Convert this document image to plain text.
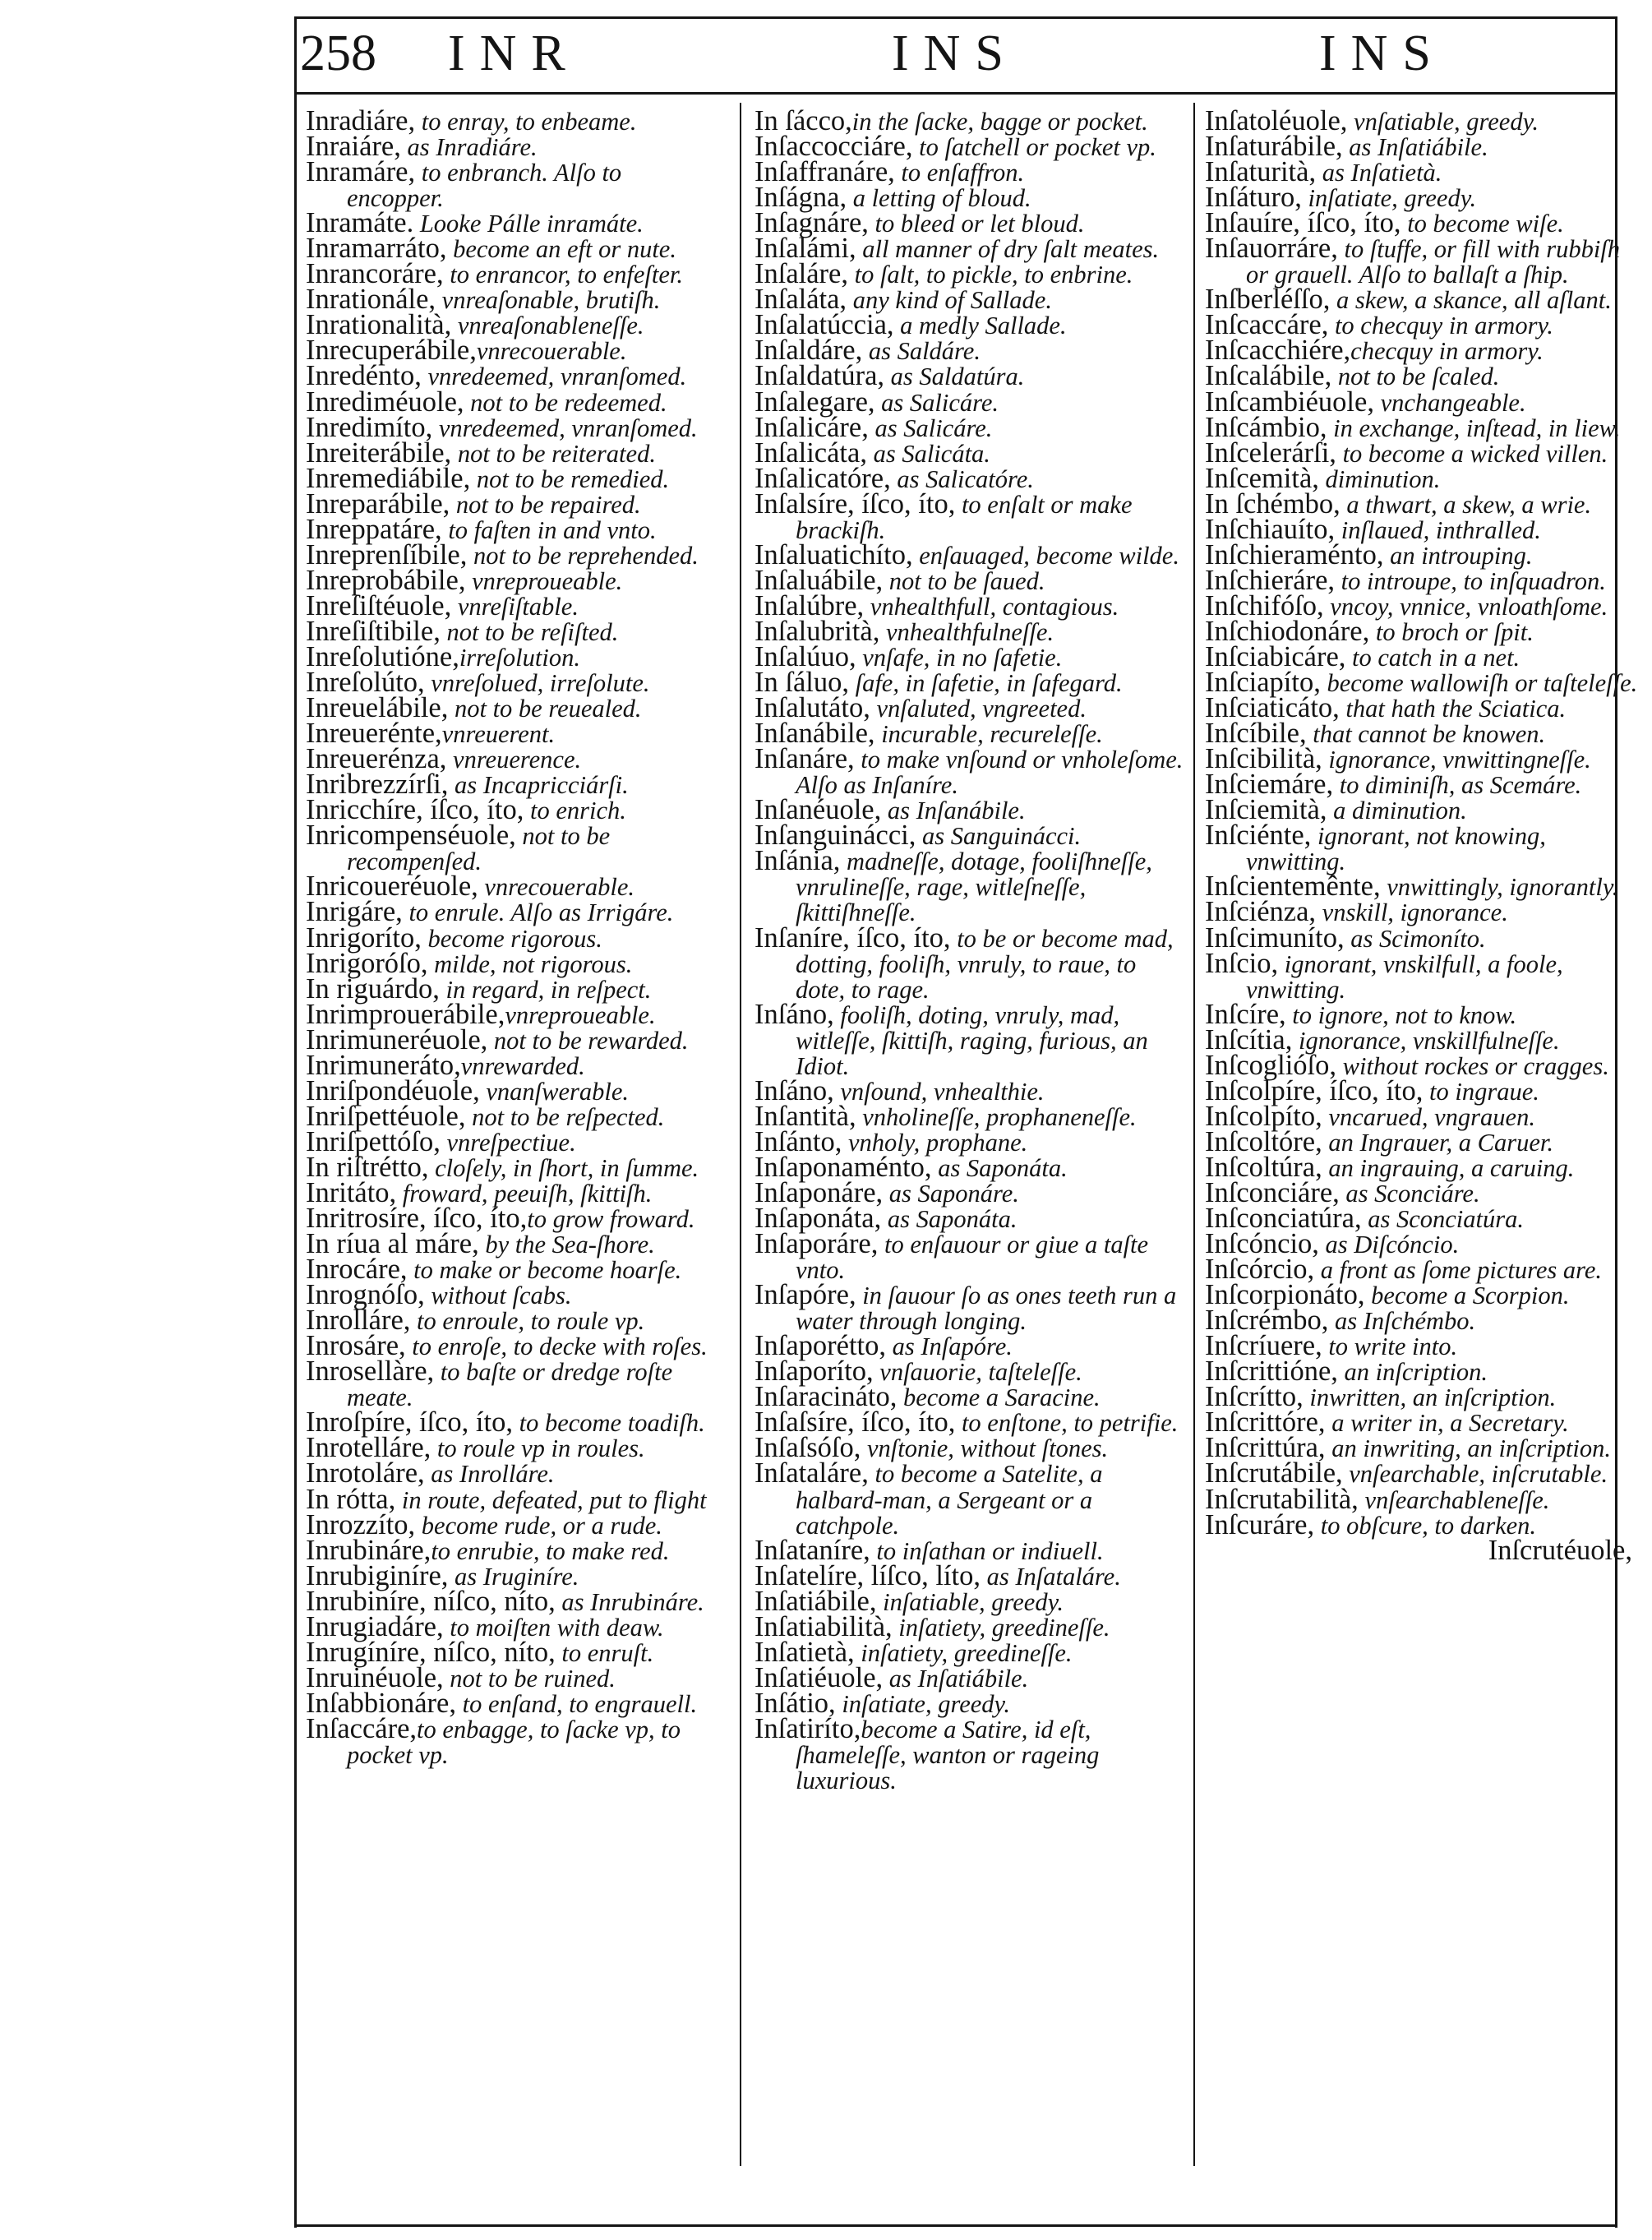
258 INR	INS	INS
Inradiáre, to enray, to enbeame.
Inraiáre, as Inradiáre.
Inramáre, to enbranch. Alſo to encopper.
Inramáte. Looke Pálle inramáte.
Inramarráto, become an eft or nute.
Inrancoráre, to enrancor, to enfeſter.
Inrationále, vnreaſonable, brutiſh.
Inrationalità, vnreaſonableneſſe.
Inrecuperábile,vnrecouerable.
Inredénto, vnredeemed, vnranſomed.
Inrediméuole, not to be redeemed.
Inredimíto, vnredeemed, vnranſomed.
Inreiterábile, not to be reiterated.
Inremediábile, not to be remedied.
Inreparábile, not to be repaired.
Inreppatáre, to faſten in and vnto.
Inreprenſíbile, not to be reprehended.
Inreprobábile, vnreproueable.
Inreſiſtéuole, vnreſiſtable.
Inreſiſtibile, not to be reſiſted.
Inreſolutióne,irreſolution.
Inreſolúto, vnreſolued, irreſolute.
Inreuelábile, not to be reuealed.
Inreuerénte,vnreuerent.
Inreuerénza, vnreuerence.
Inribrezzírſi, as Incapricciárſi.
Inricchíre, íſco, íto, to enrich.
Inricompenséuole, not to be recompenſed.
Inricoueréuole, vnrecouerable.
Inrigáre, to enrule. Alſo as Irrigáre.
Inrigoríto, become rigorous.
Inrigoróſo, milde, not rigorous.
In riguárdo, in regard, in reſpect.
Inrimprouerábile,vnreproueable.
Inrimuneréuole, not to be rewarded.
Inrimuneráto,vnrewarded.
Inriſpondéuole, vnanſwerable.
Inriſpettéuole, not to be reſpected.
Inriſpettóſo, vnreſpectiue.
In riſtrétto, cloſely, in ſhort, in ſumme.
Inritáto, froward, peeuiſh, ſkittiſh.
Inritrosíre, íſco, íto,to grow froward.
In ríua al máre, by the Sea-ſhore.
Inrocáre, to make or become hoarſe.
Inrognóſo, without ſcabs.
Inrolláre, to enroule, to roule vp.
Inrosáre, to enroſe, to decke with roſes.
Inrosellàre, to baſte or dredge roſte meate.
Inroſpíre, íſco, íto, to become toadiſh.
Inrotelláre, to roule vp in roules.
Inrotoláre, as Inrolláre.
In rótta, in route, defeated, put to flight
Inrozzíto, become rude, or a rude.
Inrubináre,to enrubie, to make red.
Inrubiginíre, as Iruginíre.
Inrubiníre, níſco, níto, as Inrubináre.
Inrugiadáre, to moiſten with deaw.
Inrugíníre, níſco, níto, to enruſt.
Inruinéuole, not to be ruined.
Inſabbionáre, to enſand, to engrauell.
Inſaccáre,to enbagge, to ſacke vp, to pocket vp.
In ſácco,in the ſacke, bagge or pocket.
Inſaccocciáre, to ſatchell or pocket vp.
Inſaffranáre, to enſaffron.
Inſágna, a letting of bloud.
Inſagnáre, to bleed or let bloud.
Inſalámi, all manner of dry ſalt meates.
Inſaláre, to ſalt, to pickle, to enbrine.
Inſaláta, any kind of Sallade.
Inſalatúccia, a medly Sallade.
Inſaldáre, as Saldáre.
Inſaldatúra, as Saldatúra.
Inſalegare, as Salicáre.
Inſalicáre, as Salicáre.
Inſalicáta, as Salicáta.
Inſalicatóre, as Salicatóre.
Inſalsíre, íſco, íto, to enſalt or make brackiſh.
Inſaluatichíto, enſauaged, become wilde.
Inſaluábile, not to be ſaued.
Inſalúbre, vnhealthfull, contagious.
Inſalubrità, vnhealthfulneſſe.
Inſalúuo, vnſafe, in no ſafetie.
In ſáluo, ſafe, in ſafetie, in ſafegard.
Inſalutáto, vnſaluted, vngreeted.
Inſanábile, incurable, recureleſſe.
Inſanáre, to make vnſound or vnholeſome. Alſo as Inſaníre.
Inſanéuole, as Inſanábile.
Inſanguinácci, as Sanguinácci.
Inſánia, madneſſe, dotage, fooliſhneſſe, vnrulineſſe, rage, witleſneſſe, ſkittiſhneſſe.
Inſaníre, íſco, íto, to be or become mad, dotting, fooliſh, vnruly, to raue, to dote, to rage.
Inſáno, fooliſh, doting, vnruly, mad, witleſſe, ſkittiſh, raging, furious, an Idiot.
Inſáno, vnſound, vnhealthie.
Inſantità, vnholineſſe, prophaneneſſe.
Inſánto, vnholy, prophane.
Inſaponaménto, as Saponáta.
Inſaponáre, as Saponáre.
Inſaponáta, as Saponáta.
Inſaporáre, to enſauour or giue a taſte vnto.
Inſapóre, in ſauour ſo as ones teeth run a water through longing.
Inſaporétto, as Inſapóre.
Inſaporíto, vnſauorie, taſteleſſe.
Inſaracináto, become a Saracine.
Inſaſsíre, íſco, íto, to enſtone, to petrifie.
Inſaſsóſo, vnſtonie, without ſtones.
Inſataláre, to become a Satelite, a halbard-man, a Sergeant or a catchpole.
Inſataníre, to inſathan or indiuell.
Inſatelíre, líſco, líto, as Inſataláre.
Inſatiábile, inſatiable, greedy.
Inſatiabilità, inſatiety, greedineſſe.
Inſatietà, inſatiety, greedineſſe.
Inſatiéuole, as Inſatiábile.
Inſátio, inſatiate, greedy.
Inſatiríto,become a Satire, id eſt, ſhameleſſe, wanton or rageing luxurious.
Inſatoléuole, vnſatiable, greedy.
Inſaturábile, as Inſatiábile.
Inſaturità, as Inſatietà.
Inſáturo, inſatiate, greedy.
Inſauíre, íſco, íto, to become wiſe.
Inſauorráre, to ſtuffe, or fill with rubbiſh or grauell. Alſo to ballaſt a ſhip.
Inſberléſſo, a skew, a skance, all aſlant.
Inſcaccáre, to checquy in armory.
Inſcacchiére,checquy in armory.
Inſcalábile, not to be ſcaled.
Inſcambiéuole, vnchangeable.
Inſcámbio, in exchange, inſtead, in liew.
Inſcelerárſi, to become a wicked villen.
Inſcemità, diminution.
In ſchémbo, a thwart, a skew, a wrie.
Inſchiauíto, inſlaued, inthralled.
Inſchieraménto, an introuping.
Inſchieráre, to introupe, to inſquadron.
Inſchifóſo, vncoy, vnnice, vnloathſome.
Inſchiodonáre, to broch or ſpit.
Inſciabicáre, to catch in a net.
Inſciapíto, become wallowiſh or taſteleſſe.
Inſciaticáto, that hath the Sciatica.
Inſcíbile, that cannot be knowen.
Inſcibilità, ignorance, vnwittingneſſe.
Inſciemáre, to diminiſh, as Scemáre.
Inſciemità, a diminution.
Inſciénte, ignorant, not knowing, vnwitting.
Inſcientemênte, vnwittingly, ignorantly.
Inſciénza, vnskill, ignorance.
Inſcimuníto, as Scimoníto.
Inſcio, ignorant, vnskilfull, a foole, vnwitting.
Inſcíre, to ignore, not to know.
Inſcítia, ignorance, vnskillfulneſſe.
Inſcoglióſo, without rockes or cragges.
Inſcolpíre, íſco, íto, to ingraue.
Inſcolpíto, vncarued, vngrauen.
Inſcoltóre, an Ingrauer, a Caruer.
Inſcoltúra, an ingrauing, a caruing.
Inſconciáre, as Sconciáre.
Inſconciatúra, as Sconciatúra.
Inſcóncio, as Diſcóncio.
Inſcórcio, a front as ſome pictures are.
Inſcorpionáto, become a Scorpion.
Inſcrémbo, as Inſchémbo.
Inſcríuere, to write into.
Inſcrittióne, an inſcription.
Inſcrítto, inwritten, an inſcription.
Inſcrittóre, a writer in, a Secretary.
Inſcrittúra, an inwriting, an inſcription.
Inſcrutábile, vnſearchable, inſcrutable.
Inſcrutabilità, vnſearchableneſſe.
Inſcuráre, to obſcure, to darken.
Inſcrutéuole,
